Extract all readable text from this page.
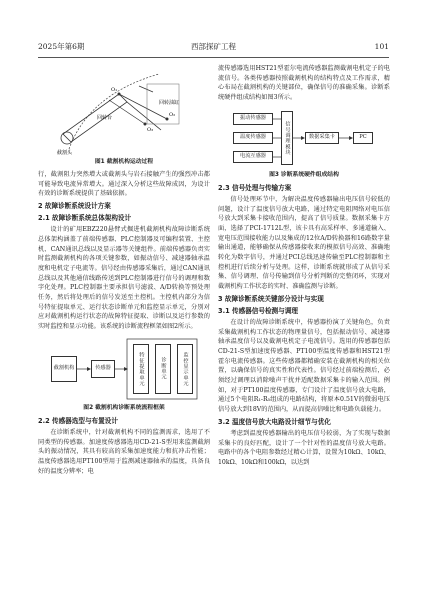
2025年第6期	西部探矿工程	101
回转台
回转油缸
截割头
O₁
O₂
O₃

图1 截割机构运动过程

行，截割阻力突然增大或截割头与岩石接触产生的强烈冲击都可能导致电流异常增大。通过深入分析这些故障成因，为设计有效的诊断系统提供了基础依据。

2 故障诊断系统设计方案

2.1 故障诊断系统总体架构设计

设计的矿用EBZ220悬臂式掘进机截割机构故障诊断系统总体架构涵盖了前端传感器、PLC控制器及可编程装置、主控机、CAN通讯总线以及显示器等关键组件。前端传感器负责实时监测截割机构的各项关键参数，如振动信号、减速器轴承温度和电机定子电流等。信号经由传感器采集后，通过CAN通讯总线以及其他通信线路传送到PLC控制器进行信号的调理和数字化处理。PLC控制器主要承担信号滤波、A/D转换等预处理任务，然后将处理后的信号发送至主控机。主控机内部分为信号特征提取单元、运行状态诊断单元和监控显示单元，分别对应对截割机构运行状态的故障特征提取、诊断以及运行参数的实时监控和显示功能。该系统的诊断流程框架如图2所示。

截割机构	传感器	特征提取单元	诊断单元	监控显示单元

图2 截割机构诊断系统流程框架

2.2 传感器选型与布置设计

在诊断系统中，针对截割机构不同的监测需求，选用了不同类型的传感器。加速度传感器选用CD-21-S型用来监测截割头的振动情况，其具有较高的采集加速度能力和抗冲击性能；温度传感器选用PT100型用于监测减速器轴承的温度，具备良好的温度分辨率；电

流传感器选用HST21型霍尔电流传感器监测截割电机定子的电流信号。各类传感器按照截割机构的结构特点及工作需求，精心布局在截割机构的关键部位，确保信号的准确采集。诊断系统硬件组成结构如图3所示。

振动传感器
温度传感器
电流互感器
信号调理模块	数据采集卡	PC

图3 诊断系统硬件组成结构

2.3 信号处理与传输方案

信号处理环节中，为解决温度传感器输出电压信号较低的问题，设计了温度信号放大电路，通过特定电阻网络对电压信号放大到采集卡接收范围内，提高了信号质量。数据采集卡方面，选择了PCI-1712L型，该卡具有高采样率、多通道输入、宽电压范围接收能力以及集成的12位A/D转换器和16路数字量输出通道，能够确保从传感器接收来的模拟信号高效、准确地转化为数字信号，并通过PCI总线迅速传输至PLC控制器和主控机进行后续分析与处理。这样，诊断系统就形成了从信号采集、信号调理、信号传输到信号分析判断的完整闭环，实现对截割机构工作状态的实时、准确监测与诊断。

3 故障诊断系统关键部分设计与实现

3.1 传感器信号检测与调理

在设计的故障诊断系统中，传感器扮演了关键角色，负责采集截割机构工作状态的物理量信号，包括振动信号、减速器轴承温度信号以及截割电机定子电流信号。选用的传感器包括CD-21-S型加速度传感器、PT100型温度传感器和HST21型霍尔电流传感器。这些传感器都精确安装在截割机构的相关位置，以确保信号的真实性和代表性。信号经过前端检测后，必须经过调理以消除噪声干扰并适配数据采集卡的输入范围。例如，对于PT100温度传感器，专门设计了温度信号放大电路，通过5个电阻R₁-R₅组成的电路结构，将原本0.51V的微弱电压信号放大到18V的范围内，从而提高信噪比和电路负载能力。

3.2 温度信号放大电路设计细节与优化

考虑到温度传感器输出的电压信号较弱，为了实现与数据采集卡的良好匹配，设计了一个针对性的温度信号放大电路。电路中的各个电阻参数经过精心计算，设置为10kΩ、10kΩ、10kΩ、10kΩ和100kΩ，以达到
